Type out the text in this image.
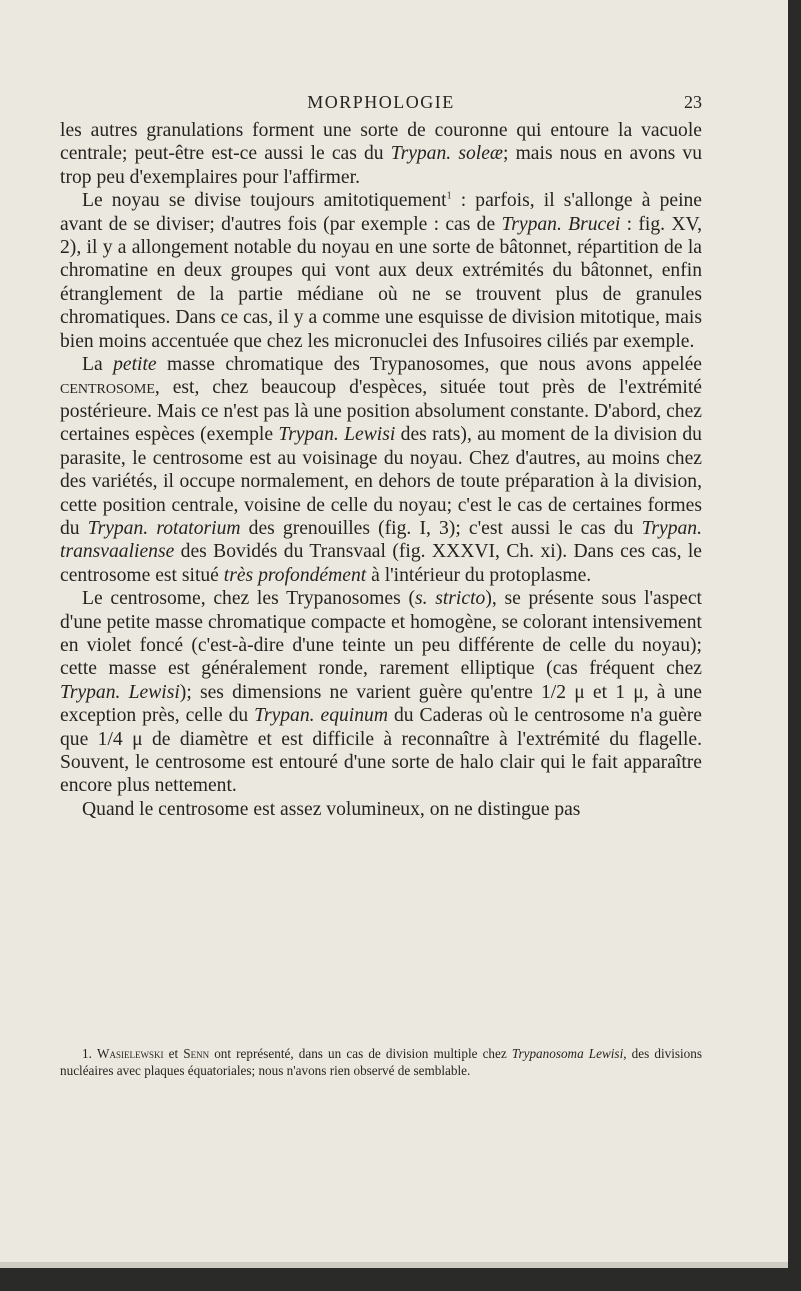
MORPHOLOGIE	23

les autres granulations forment une sorte de couronne qui entoure la vacuole centrale; peut-être est-ce aussi le cas du Trypan. soleæ; mais nous en avons vu trop peu d'exemplaires pour l'affirmer.

Le noyau se divise toujours amitotiquement$^1$ : parfois, il s'allonge à peine avant de se diviser; d'autres fois (par exemple : cas de Trypan. Brucei : fig. XV, 2), il y a allongement notable du noyau en une sorte de bâtonnet, répartition de la chromatine en deux groupes qui vont aux deux extrémités du bâtonnet, enfin étranglement de la partie médiane où ne se trouvent plus de granules chromatiques. Dans ce cas, il y a comme une esquisse de division mitotique, mais bien moins accentuée que chez les micronuclei des Infusoires ciliés par exemple.

La petite masse chromatique des Trypanosomes, que nous avons appelée centrosome, est, chez beaucoup d'espèces, située tout près de l'extrémité postérieure. Mais ce n'est pas là une position absolument constante. D'abord, chez certaines espèces (exemple Trypan. Lewisi des rats), au moment de la division du parasite, le centrosome est au voisinage du noyau. Chez d'autres, au moins chez des variétés, il occupe normalement, en dehors de toute préparation à la division, cette position centrale, voisine de celle du noyau; c'est le cas de certaines formes du Trypan. rotatorium des grenouilles (fig. I, 3); c'est aussi le cas du Trypan. transvaaliense des Bovidés du Transvaal (fig. XXXVI, Ch. xi). Dans ces cas, le centrosome est situé très profondément à l'intérieur du protoplasme.

Le centrosome, chez les Trypanosomes (s. stricto), se présente sous l'aspect d'une petite masse chromatique compacte et homogène, se colorant intensivement en violet foncé (c'est-à-dire d'une teinte un peu différente de celle du noyau); cette masse est généralement ronde, rarement elliptique (cas fréquent chez Trypan. Lewisi); ses dimensions ne varient guère qu'entre 1/2 μ et 1 μ, à une exception près, celle du Trypan. equinum du Caderas où le centrosome n'a guère que 1/4 μ de diamètre et est difficile à reconnaître à l'extrémité du flagelle. Souvent, le centrosome est entouré d'une sorte de halo clair qui le fait apparaître encore plus nettement.

Quand le centrosome est assez volumineux, on ne distingue pas

1. Wasielewski et Senn ont représenté, dans un cas de division multiple chez Trypanosoma Lewisi, des divisions nucléaires avec plaques équatoriales; nous n'avons rien observé de semblable.
